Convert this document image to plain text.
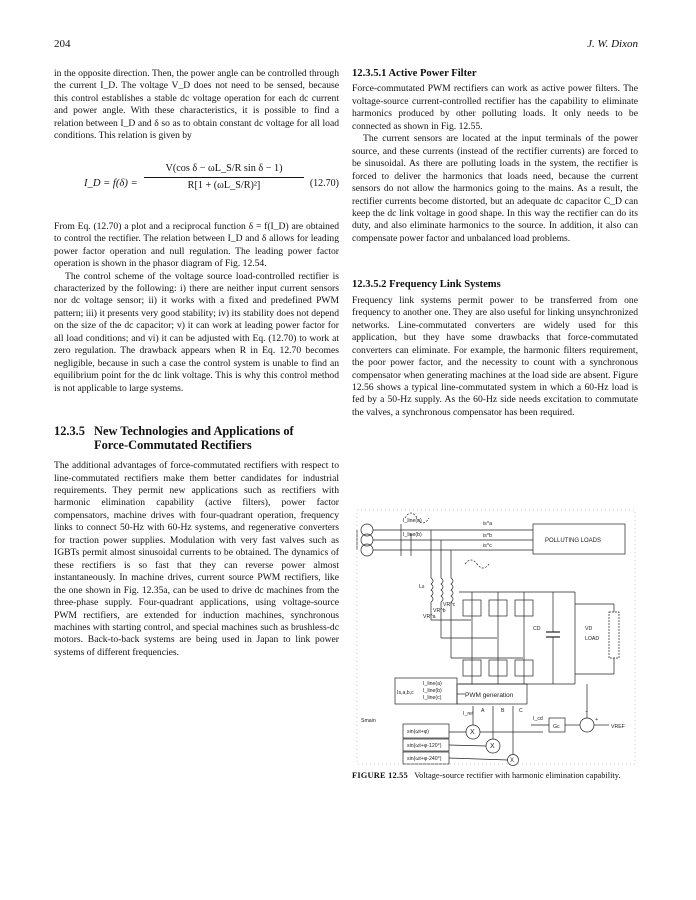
204	J. W. Dixon

in the opposite direction. Then, the power angle can be controlled through the current I_D. The voltage V_D does not need to be sensed, because this control establishes a stable dc voltage operation for each dc current and power angle. With these characteristics, it is possible to find a relation between I_D and δ so as to obtain constant dc voltage for all load conditions. This relation is given by

I_D = $f(\delta) = \frac{\text{V(cos δ − ωL\_S/R sin δ − 1)}}{\text{R[1 + (ωL\_S/R)²]}} (12.70)$

From Eq. (12.70) a plot and a reciprocal function δ = f(I_D) are obtained to control the rectifier. The relation between I_D and δ allows for leading power factor operation and null regulation. The leading power factor operation is shown in the phasor diagram of Fig. 12.54.

The control scheme of the voltage source load-controlled rectifier is characterized by the following: i) there are neither input current sensors nor dc voltage sensor; ii) it works with a fixed and predefined PWM pattern; iii) it presents very good stability; iv) its stability does not depend on the size of the dc capacitor; v) it can work at leading power factor for all load conditions; and vi) it can be adjusted with Eq. (12.70) to work at zero regulation. The drawback appears when R in Eq. 12.70 becomes negligible, because in such a case the control system is unable to find an equilibrium point for the dc link voltage. This is why this control method is not applicable to large systems.

12.3.5 New Technologies and Applications of
Force-Commutated Rectifiers

The additional advantages of force-commutated rectifiers with respect to line-commutated rectifiers make them better candidates for industrial requirements. They permit new applications such as rectifiers with harmonic elimination capability (active filters), power factor compensators, machine drives with four-quadrant operation, frequency links to connect 50-Hz with 60-Hz systems, and regenerative converters for traction power supplies. Modulation with very fast valves such as IGBTs permit almost sinusoidal currents to be obtained. The dynamics of these rectifiers is so fast that they can reverse power almost instantaneously. In machine drives, current source PWM rectifiers, like the one shown in Fig. 12.35a, can be used to drive dc machines from the three-phase supply. Four-quadrant applications, using voltage-source PWM rectifiers, are extended for induction machines, synchronous machines with starting control, and special machines such as brushless-dc motors. Back-to-back systems are being used in Japan to link power systems of different frequencies.

12.3.5.1 Active Power Filter

Force-commutated PWM rectifiers can work as active power filters. The voltage-source current-controlled rectifier has the capability to eliminate harmonics produced by other polluting loads. It only needs to be connected as shown in Fig. 12.55.

The current sensors are located at the input terminals of the power source, and these currents (instead of the rectifier currents) are forced to be sinusoidal. As there are polluting loads in the system, the rectifier is forced to deliver the harmonics that loads need, because the current sensors do not allow the harmonics going to the mains. As a result, the rectifier currents become distorted, but an adequate dc capacitor C_D can keep the dc link voltage in good shape. In this way the rectifier can do its duty, and also eliminate harmonics to the source. In addition, it also can compensate power factor and unbalanced load problems.

12.3.5.2 Frequency Link Systems

Frequency link systems permit power to be transferred from one frequency to another one. They are also useful for linking unsynchronized networks. Line-commutated converters are widely used for this application, but they have some drawbacks that force-commutated converters can eliminate. For example, the harmonic filters requirement, the poor power factor, and the necessity to count with a synchronous compensator when generating machines at the load side are absent. Figure 12.56 shows a typical line-commutated system in which a 60-Hz load is fed by a 50-Hz supply. As the 60-Hz side needs excitation to commutate the valves, a synchronous compensator has been required.

I_line(a)
I_line(b)
is^a
is^b
is^c
POLLUTING LOADS
Ls
VR^a
VR^b
VR^c
CD	VD
LOAD
Is,a,b,c
I_line(a)
I_line(b)
I_line(c)	PWM generation
I_ref A	B	C
I_cd
Gc	VREF
+
−
Smain
sin(ωt+φ)
sin(ωt+φ-120°)
sin(ωt+φ-240°)
X
X
X
FIGURE 12.55 Voltage-source rectifier with harmonic elimination capability.
